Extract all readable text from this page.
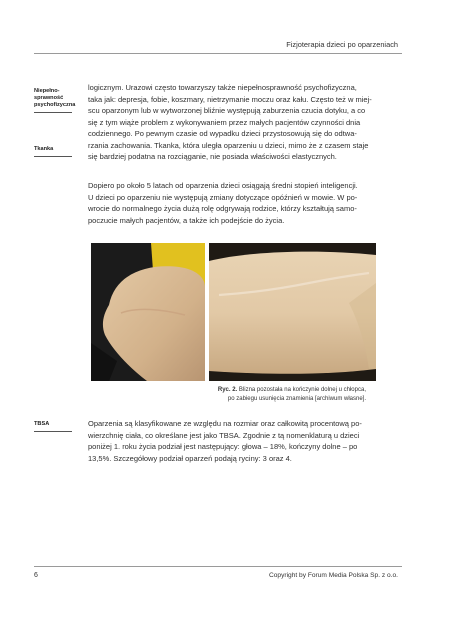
Fizjoterapia dzieci po oparzeniach
Niepełno-
sprawność
psychofizyczna
Tkanka
TBSA
logicznym. Urazowi często towarzyszy także niepełnosprawność psychofizyczna,
taka jak: depresja, fobie, koszmary, nietrzymanie moczu oraz kału. Często też w miej-
scu oparzonym lub w wytworzonej bliźnie występują zaburzenia czucia dotyku, a co
się z tym wiąże problem z wykonywaniem przez małych pacjentów czynności dnia
codziennego. Po pewnym czasie od wypadku dzieci przystosowują się do odtwa-
rzania zachowania. Tkanka, która uległa oparzeniu u dzieci, mimo że z czasem staje
się bardziej podatna na rozciąganie, nie posiada właściwości elastycznych.
Dopiero po około 5 latach od oparzenia dzieci osiągają średni stopień inteligencji.
U dzieci po oparzeniu nie występują zmiany dotyczące opóźnień w mowie. W po-
wrocie do normalnego życia dużą rolę odgrywają rodzice, którzy kształtują samo-
poczucie małych pacjentów, a także ich podejście do życia.
Ryc. 2. Blizna pozostała na kończynie dolnej u chłopca,
po zabiegu usunięcia znamienia [archiwum własne].
Oparzenia są klasyfikowane ze względu na rozmiar oraz całkowitą procentową po-
wierzchnię ciała, co określane jest jako TBSA. Zgodnie z tą nomenklaturą u dzieci
poniżej 1. roku życia podział jest następujący: głowa – 18%, kończyny dolne – po
13,5%. Szczegółowy podział oparzeń podają ryciny: 3 oraz 4.
6	Copyright by Forum Media Polska Sp. z o.o.
